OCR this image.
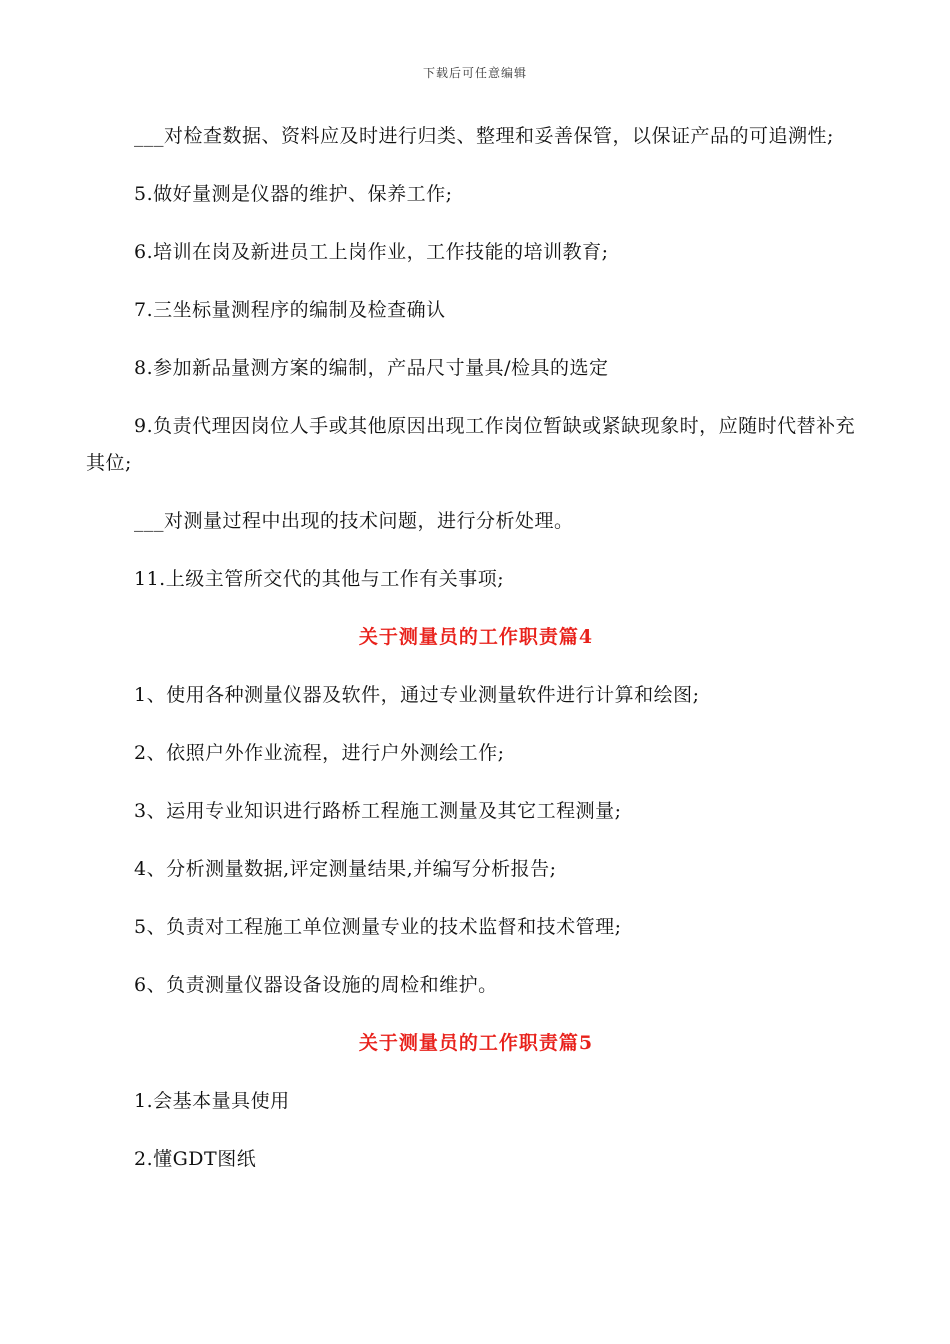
下载后可任意编辑

___对检查数据、资料应及时进行归类、整理和妥善保管，以保证产品的可追溯性;

5.做好量测是仪器的维护、保养工作;

6.培训在岗及新进员工上岗作业，工作技能的培训教育;

7.三坐标量测程序的编制及检查确认

8.参加新品量测方案的编制，产品尺寸量具/检具的选定

9.负责代理因岗位人手或其他原因出现工作岗位暂缺或紧缺现象时，应随时代替补充其位;

___对测量过程中出现的技术问题，进行分析处理。

11.上级主管所交代的其他与工作有关事项;

关于测量员的工作职责篇4

1、使用各种测量仪器及软件，通过专业测量软件进行计算和绘图;

2、依照户外作业流程，进行户外测绘工作;

3、运用专业知识进行路桥工程施工测量及其它工程测量;

4、分析测量数据,评定测量结果,并编写分析报告;

5、负责对工程施工单位测量专业的技术监督和技术管理;

6、负责测量仪器设备设施的周检和维护。

关于测量员的工作职责篇5

1.会基本量具使用

2.懂GDT图纸
